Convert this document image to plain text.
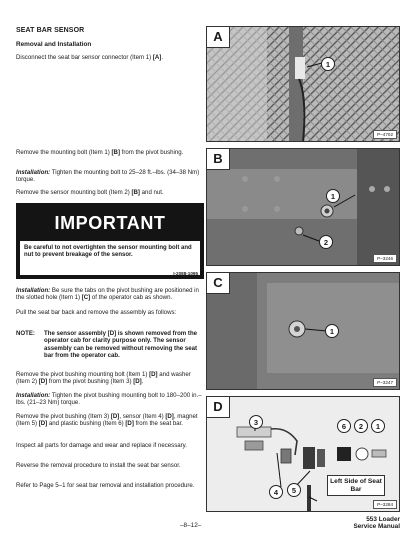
SEAT BAR SENSOR
Removal and Installation

Disconnect the seat bar sensor connector (Item 1) [A].

Remove the mounting bolt (Item 1) [B] from the pivot bushing.

Installation: Tighten the mounting bolt to 25–28 ft.–lbs. (34–38 Nm) torque.

Remove the sensor mounting bolt (Item 2) [B] and nut.

IMPORTANT
Be careful to not overtighten the sensor mounting bolt and nut to prevent breakage of the sensor.
I-2088-1095

Installation: Be sure the tabs on the pivot bushing are positioned in the slotted hole (Item 1) [C] of the operator cab as shown.

Pull the seat bar back and remove the assembly as follows:

NOTE:	The sensor assembly [D] is shown removed from the operator cab for clarity purpose only. The sensor assembly can be removed without removing the seat bar from the operator cab.

Remove the pivot bushing mounting bolt (Item 1) [D] and washer (Item 2) [D] from the pivot bushing (Item 3) [D].

Installation: Tighten the pivot bushing mounting bolt to 180–200 in.–lbs. (21–23 Nm) torque.

Remove the pivot bushing (Item 3) [D], sensor (Item 4) [D], magnet (Item 5) [D] and plastic bushing (Item 6) [D] from the seat bar.

Inspect all parts for damage and wear and replace if necessary.

Reverse the removal procedure to install the seat bar sensor.

Refer to Page 5–1 for seat bar removal and installation procedure.

A
1
P–4702
B
1
2
P–3246
C
1
P–3247
D
3	6	2	1
4	5
Left Side of Seat Bar
P–3284
–8–12–
553 Loader
Service Manual
